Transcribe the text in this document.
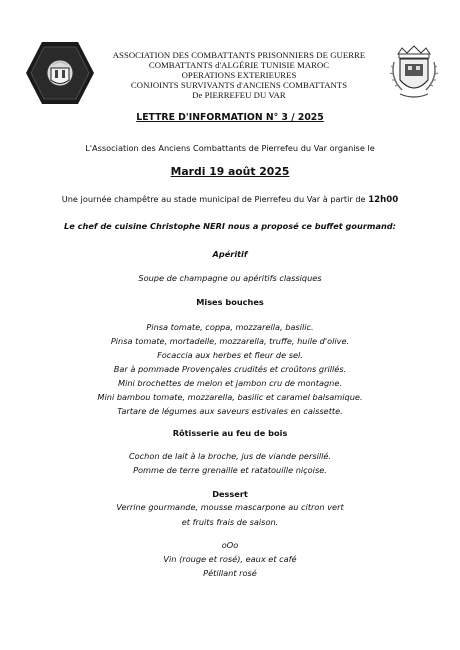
ASSOCIATION DES COMBATTANTS PRISONNIERS DE GUERRE
COMBATTANTS d'ALGÉRIE TUNISIE MAROC
OPERATIONS EXTERIEURES
CONJOINTS SURVIVANTS d'ANCIENS COMBATTANTS
De PIERREFEU DU VAR
LETTRE D'INFORMATION N° 3 / 2025
L'Association des Anciens Combattants de Pierrefeu du Var organise le
Mardi 19 août 2025
Une journée champêtre au stade municipal de Pierrefeu du Var à partir de 12h00
Le chef de cuisine Christophe NERI nous a proposé ce buffet gourmand:
Apéritif
Soupe de champagne ou apéritifs classiques
Mises bouches
Pinsa tomate, coppa, mozzarella, basilic.
Pinsa tomate, mortadelle, mozzarella, truffe, huile d'olive.
Focaccia aux herbes et fleur de sel.
Bar à pommade Provençales crudités et croûtons grillés.
Mini brochettes de melon et jambon cru de montagne.
Mini bambou tomate, mozzarella, basilic et caramel balsamique.
Tartare de légumes aux saveurs estivales en caissette.
Rôtisserie au feu de bois
Cochon de lait à la broche, jus de viande persillé.
Pomme de terre grenaille et ratatouille niçoise.
Dessert
Verrine gourmande, mousse mascarpone au citron vert
et fruits frais de saison.
oOo
Vin (rouge et rosé), eaux et café
Pétillant rosé
